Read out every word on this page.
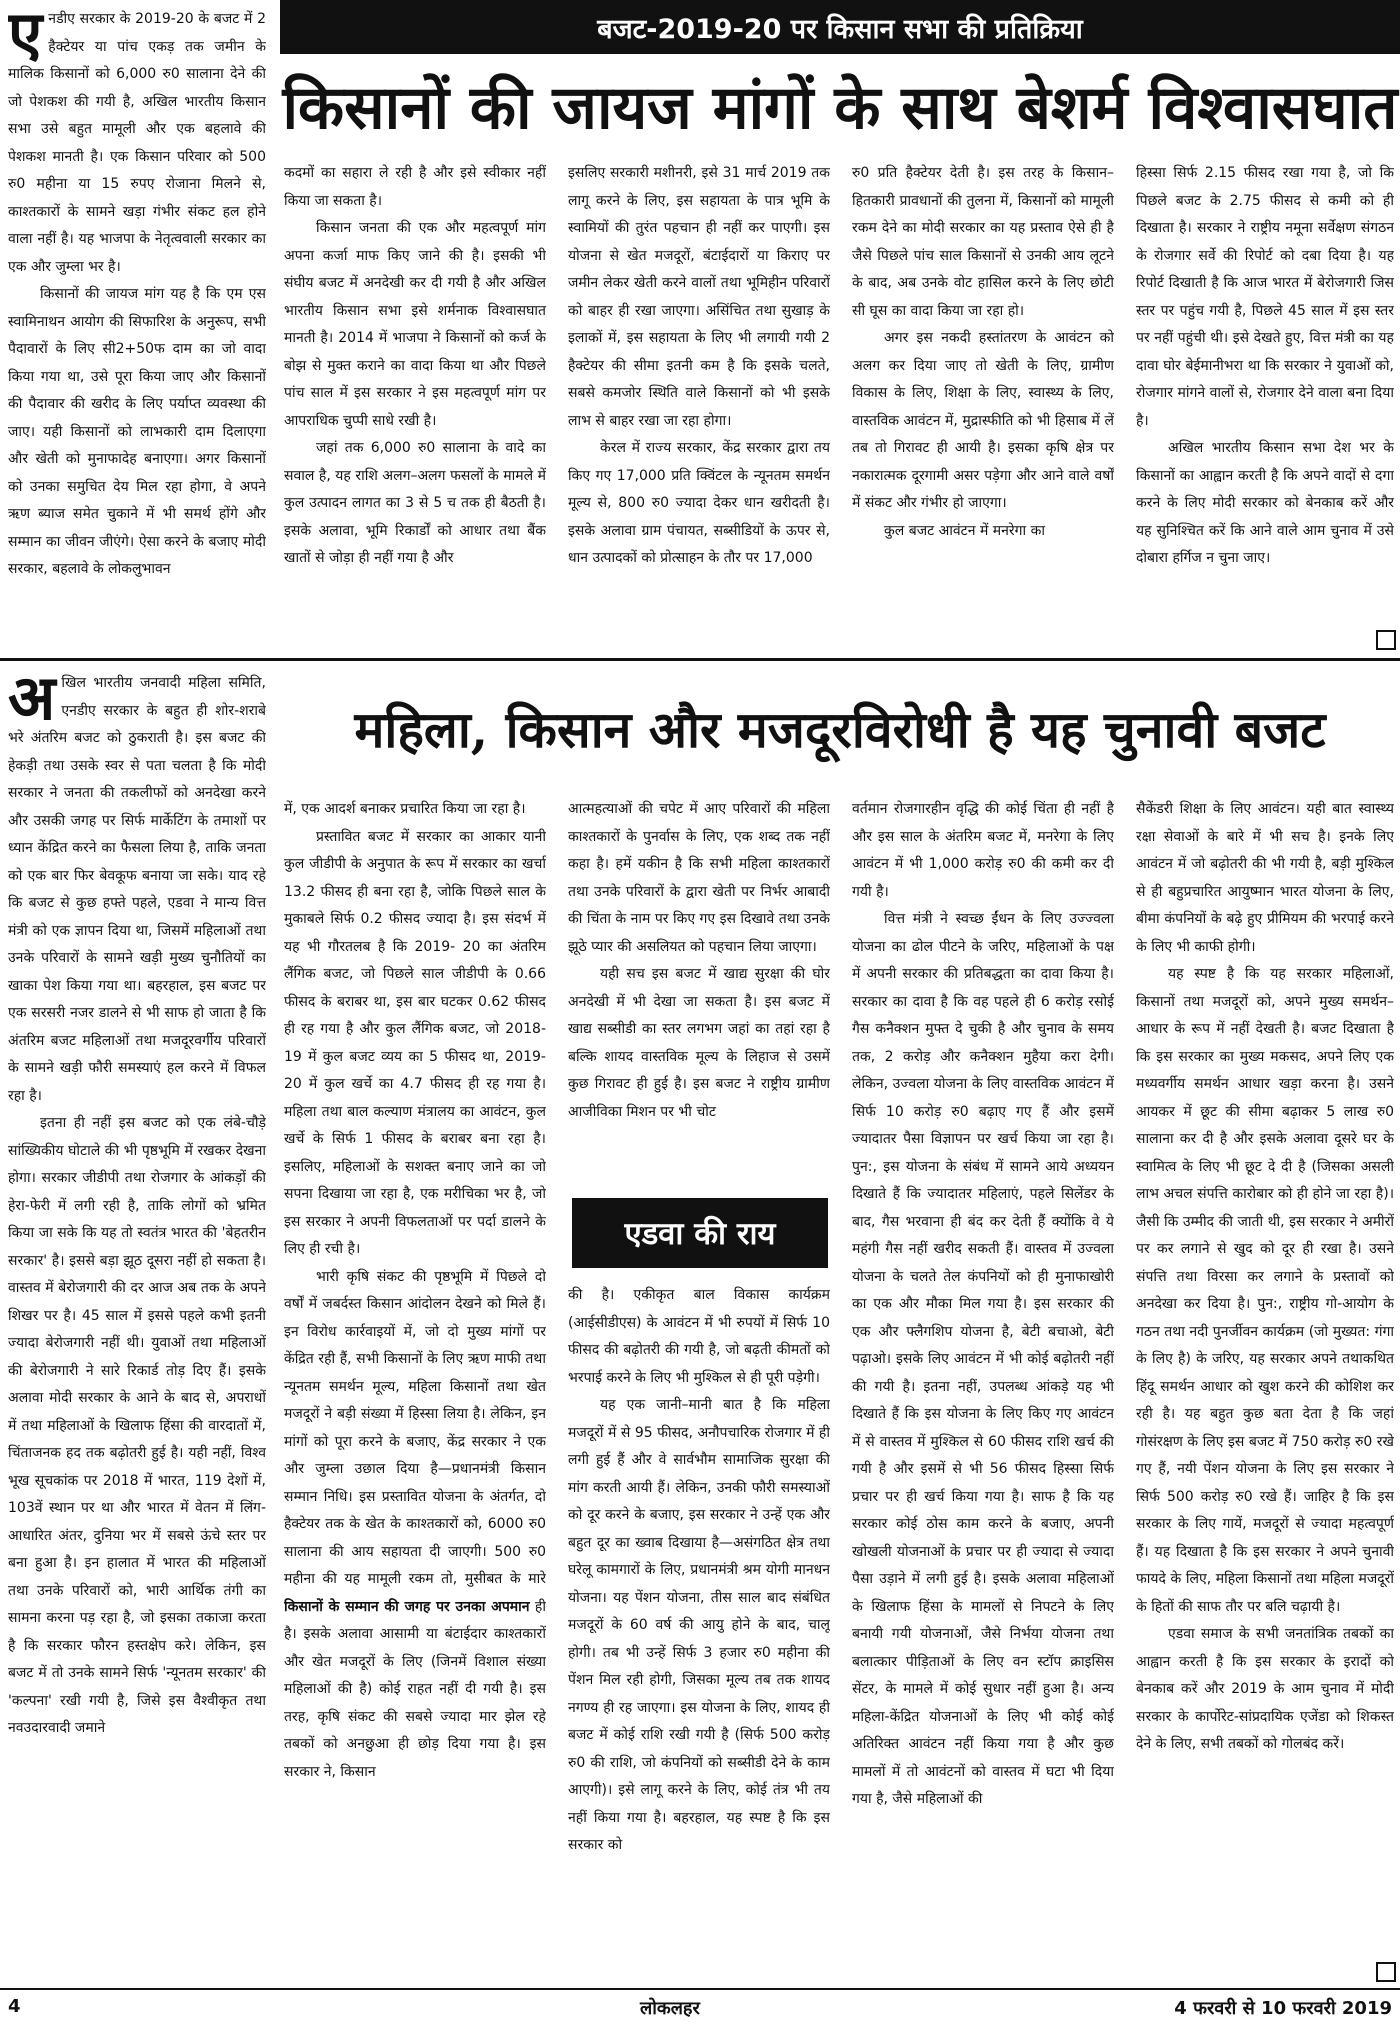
बजट-2019-20 पर किसान सभा की प्रतिक्रिया
किसानों की जायज मांगों के साथ बेशर्म विश्वासघात

एनडीए सरकार के 2019-20 के बजट में 2 हैक्टेयर या पांच एकड़ तक जमीन के मालिक किसानों को 6,000 रु0 सालाना देने की जो पेशकश की गयी है, अखिल भारतीय किसान सभा उसे बहुत मामूली और एक बहलावे की पेशकश मानती है। एक किसान परिवार को 500 रु0 महीना या 15 रुपए रोजाना मिलने से, काश्तकारों के सामने खड़ा गंभीर संकट हल होने वाला नहीं है। यह भाजपा के नेतृत्ववाली सरकार का एक और जुम्ला भर है।

किसानों की जायज मांग यह है कि एम एस स्वामिनाथन आयोग की सिफारिश के अनुरूप, सभी पैदावारों के लिए सी2+50फ दाम का जो वादा किया गया था, उसे पूरा किया जाए और किसानों की पैदावार की खरीद के लिए पर्याप्त व्यवस्था की जाए। यही किसानों को लाभकारी दाम दिलाएगा और खेती को मुनाफादेह बनाएगा। अगर किसानों को उनका समुचित देय मिल रहा होगा, वे अपने ऋण ब्याज समेत चुकाने में भी समर्थ होंगे और सम्मान का जीवन जीएंगे। ऐसा करने के बजाए मोदी सरकार, बहलावे के लोकलुभावन

कदमों का सहारा ले रही है और इसे स्वीकार नहीं किया जा सकता है।

किसान जनता की एक और महत्वपूर्ण मांग अपना कर्जा माफ किए जाने की है। इसकी भी संघीय बजट में अनदेखी कर दी गयी है और अखिल भारतीय किसान सभा इसे शर्मनाक विश्वासघात मानती है। 2014 में भाजपा ने किसानों को कर्ज के बोझ से मुक्त कराने का वादा किया था और पिछले पांच साल में इस सरकार ने इस महत्वपूर्ण मांग पर आपराधिक चुप्पी साधे रखी है।

जहां तक 6,000 रु0 सालाना के वादे का सवाल है, यह राशि अलग–अलग फसलों के मामले में कुल उत्पादन लागत का 3 से 5 च तक ही बैठती है। इसके अलावा, भूमि रिकार्डों को आधार तथा बैंक खातों से जोड़ा ही नहीं गया है और

इसलिए सरकारी मशीनरी, इसे 31 मार्च 2019 तक लागू करने के लिए, इस सहायता के पात्र भूमि के स्वामियों की तुरंत पहचान ही नहीं कर पाएगी। इस योजना से खेत मजदूरों, बंटाईदारों या किराए पर जमीन लेकर खेती करने वालों तथा भूमिहीन परिवारों को बाहर ही रखा जाएगा। असिंचित तथा सुखाड़ के इलाकों में, इस सहायता के लिए भी लगायी गयी 2 हैक्टेयर की सीमा इतनी कम है कि इसके चलते, सबसे कमजोर स्थिति वाले किसानों को भी इसके लाभ से बाहर रखा जा रहा होगा।

केरल में राज्य सरकार, केंद्र सरकार द्वारा तय किए गए 17,000 प्रति क्विंटल के न्यूनतम समर्थन मूल्य से, 800 रु0 ज्यादा देकर धान खरीदती है। इसके अलावा ग्राम पंचायत, सब्सीडियों के ऊपर से, धान उत्पादकों को प्रोत्साहन के तौर पर 17,000

रु0 प्रति हैक्टेयर देती है। इस तरह के किसान–हितकारी प्रावधानों की तुलना में, किसानों को मामूली रकम देने का मोदी सरकार का यह प्रस्ताव ऐसे ही है जैसे पिछले पांच साल किसानों से उनकी आय लूटने के बाद, अब उनके वोट हासिल करने के लिए छोटी सी घूस का वादा किया जा रहा हो।

अगर इस नकदी हस्तांतरण के आवंटन को अलग कर दिया जाए तो खेती के लिए, ग्रामीण विकास के लिए, शिक्षा के लिए, स्वास्थ्य के लिए, वास्तविक आवंटन में, मुद्रास्फीति को भी हिसाब में लें तब तो गिरावट ही आयी है। इसका कृषि क्षेत्र पर नकारात्मक दूरगामी असर पड़ेगा और आने वाले वर्षों में संकट और गंभीर हो जाएगा।

कुल बजट आवंटन में मनरेगा का

हिस्सा सिर्फ 2.15 फीसद रखा गया है, जो कि पिछले बजट के 2.75 फीसद से कमी को ही दिखाता है। सरकार ने राष्ट्रीय नमूना सर्वेक्षण संगठन के रोजगार सर्वे की रिपोर्ट को दबा दिया है। यह रिपोर्ट दिखाती है कि आज भारत में बेरोजगारी जिस स्तर पर पहुंच गयी है, पिछले 45 साल में इस स्तर पर नहीं पहुंची थी। इसे देखते हुए, वित्त मंत्री का यह दावा घोर बेईमानीभरा था कि सरकार ने युवाओं को, रोजगार मांगने वालों से, रोजगार देने वाला बना दिया है।

अखिल भारतीय किसान सभा देश भर के किसानों का आह्वान करती है कि अपने वादों से दगा करने के लिए मोदी सरकार को बेनकाब करें और यह सुनिश्चित करें कि आने वाले आम चुनाव में उसे दोबारा हर्गिज न चुना जाए।

महिला, किसान और मजदूरविरोधी है यह चुनावी बजट

अखिल भारतीय जनवादी महिला समिति, एनडीए सरकार के बहुत ही शोर-शराबे भरे अंतरिम बजट को ठुकराती है। इस बजट की हेकड़ी तथा उसके स्वर से पता चलता है कि मोदी सरकार ने जनता की तकलीफों को अनदेखा करने और उसकी जगह पर सिर्फ मार्केटिंग के तमाशों पर ध्यान केंद्रित करने का फैसला लिया है, ताकि जनता को एक बार फिर बेवकूफ बनाया जा सके। याद रहे कि बजट से कुछ हफ्ते पहले, एडवा ने मान्य वित्त मंत्री को एक ज्ञापन दिया था, जिसमें महिलाओं तथा उनके परिवारों के सामने खड़ी मुख्य चुनौतियों का खाका पेश किया गया था। बहरहाल, इस बजट पर एक सरसरी नजर डालने से भी साफ हो जाता है कि अंतरिम बजट महिलाओं तथा मजदूरवर्गीय परिवारों के सामने खड़ी फौरी समस्याएं हल करने में विफल रहा है।

इतना ही नहीं इस बजट को एक लंबे-चौड़े सांख्यिकीय घोटाले की भी पृष्ठभूमि में रखकर देखना होगा। सरकार जीडीपी तथा रोजगार के आंकड़ों की हेरा-फेरी में लगी रही है, ताकि लोगों को भ्रमित किया जा सके कि यह तो स्वतंत्र भारत की 'बेहतरीन सरकार' है। इससे बड़ा झूठ दूसरा नहीं हो सकता है। वास्तव में बेरोजगारी की दर आज अब तक के अपने शिखर पर है। 45 साल में इससे पहले कभी इतनी ज्यादा बेरोजगारी नहीं थी। युवाओं तथा महिलाओं की बेरोजगारी ने सारे रिकार्ड तोड़ दिए हैं। इसके अलावा मोदी सरकार के आने के बाद से, अपराधों में तथा महिलाओं के खिलाफ हिंसा की वारदातों में, चिंताजनक हद तक बढ़ोतरी हुई है। यही नहीं, विश्व भूख सूचकांक पर 2018 में भारत, 119 देशों में, 103वें स्थान पर था और भारत में वेतन में लिंग-आधारित अंतर, दुनिया भर में सबसे ऊंचे स्तर पर बना हुआ है। इन हालात में भारत की महिलाओं तथा उनके परिवारों को, भारी आर्थिक तंगी का सामना करना पड़ रहा है, जो इसका तकाजा करता है कि सरकार फौरन हस्तक्षेप करे। लेकिन, इस बजट में तो उनके सामने सिर्फ 'न्यूनतम सरकार' की 'कल्पना' रखी गयी है, जिसे इस वैश्वीकृत तथा नवउदारवादी जमाने

में, एक आदर्श बनाकर प्रचारित किया जा रहा है।

प्रस्तावित बजट में सरकार का आकार यानी कुल जीडीपी के अनुपात के रूप में सरकार का खर्चा 13.2 फीसद ही बना रहा है, जोकि पिछले साल के मुकाबले सिर्फ 0.2 फीसद ज्यादा है। इस संदर्भ में यह भी गौरतलब है कि 2019- 20 का अंतरिम लैंगिक बजट, जो पिछले साल जीडीपी के 0.66 फीसद के बराबर था, इस बार घटकर 0.62 फीसद ही रह गया है और कुल लैंगिक बजट, जो 2018-19 में कुल बजट व्यय का 5 फीसद था, 2019-20 में कुल खर्चे का 4.7 फीसद ही रह गया है। महिला तथा बाल कल्याण मंत्रालय का आवंटन, कुल खर्चे के सिर्फ 1 फीसद के बराबर बना रहा है। इसलिए, महिलाओं के सशक्त बनाए जाने का जो सपना दिखाया जा रहा है, एक मरीचिका भर है, जो इस सरकार ने अपनी विफलताओं पर पर्दा डालने के लिए ही रची है।

भारी कृषि संकट की पृष्ठभूमि में पिछले दो वर्षों में जबर्दस्त किसान आंदोलन देखने को मिले हैं। इन विरोध कार्रवाइयों में, जो दो मुख्य मांगों पर केंद्रित रही हैं, सभी किसानों के लिए ऋण माफी तथा न्यूनतम समर्थन मूल्य, महिला किसानों तथा खेत मजदूरों ने बड़ी संख्या में हिस्सा लिया है। लेकिन, इन मांगों को पूरा करने के बजाए, केंद्र सरकार ने एक और जुम्ला उछाल दिया है—प्रधानमंत्री किसान सम्मान निधि। इस प्रस्तावित योजना के अंतर्गत, दो हैक्टेयर तक के खेत के काश्तकारों को, 6000 रु0 सालाना की आय सहायता दी जाएगी। 500 रु0 महीना की यह मामूली रकम तो, मुसीबत के मारे किसानों के सम्मान की जगह पर उनका अपमान ही है। इसके अलावा आसामी या बंटाईदार काश्तकारों और खेत मजदूरों के लिए (जिनमें विशाल संख्या महिलाओं की है) कोई राहत नहीं दी गयी है। इस तरह, कृषि संकट की सबसे ज्यादा मार झेल रहे तबकों को अनछुआ ही छोड़ दिया गया है। इस सरकार ने, किसान

आत्महत्याओं की चपेट में आए परिवारों की महिला काश्तकारों के पुनर्वास के लिए, एक शब्द तक नहीं कहा है। हमें यकीन है कि सभी महिला काश्तकारों तथा उनके परिवारों के द्वारा खेती पर निर्भर आबादी की चिंता के नाम पर किए गए इस दिखावे तथा उनके झूठे प्यार की असलियत को पहचान लिया जाएगा।

यही सच इस बजट में खाद्य सुरक्षा की घोर अनदेखी में भी देखा जा सकता है। इस बजट में खाद्य सब्सीडी का स्तर लगभग जहां का तहां रहा है बल्कि शायद वास्तविक मूल्य के लिहाज से उसमें कुछ गिरावट ही हुई है। इस बजट ने राष्ट्रीय ग्रामीण आजीविका मिशन पर भी चोट

एडवा की राय

की है। एकीकृत बाल विकास कार्यक्रम (आईसीडीएस) के आवंटन में भी रुपयों में सिर्फ 10 फीसद की बढ़ोतरी की गयी है, जो बढ़ती कीमतों को भरपाई करने के लिए भी मुश्किल से ही पूरी पड़ेगी।

यह एक जानी–मानी बात है कि महिला मजदूरों में से 95 फीसद, अनौपचारिक रोजगार में ही लगी हुई हैं और वे सार्वभौम सामाजिक सुरक्षा की मांग करती आयी हैं। लेकिन, उनकी फौरी समस्याओं को दूर करने के बजाए, इस सरकार ने उन्हें एक और बहुत दूर का ख्वाब दिखाया है—असंगठित क्षेत्र तथा घरेलू कामगारों के लिए, प्रधानमंत्री श्रम योगी मानधन योजना। यह पेंशन योजना, तीस साल बाद संबंधित मजदूरों के 60 वर्ष की आयु होने के बाद, चालू होगी। तब भी उन्हें सिर्फ 3 हजार रु0 महीना की पेंशन मिल रही होगी, जिसका मूल्य तब तक शायद नगण्य ही रह जाएगा। इस योजना के लिए, शायद ही बजट में कोई राशि रखी गयी है (सिर्फ 500 करोड़ रु0 की राशि, जो कंपनियों को सब्सीडी देने के काम आएगी)। इसे लागू करने के लिए, कोई तंत्र भी तय नहीं किया गया है। बहरहाल, यह स्पष्ट है कि इस सरकार को

वर्तमान रोजगारहीन वृद्धि की कोई चिंता ही नहीं है और इस साल के अंतरिम बजट में, मनरेगा के लिए आवंटन में भी 1,000 करोड़ रु0 की कमी कर दी गयी है।

वित्त मंत्री ने स्वच्छ ईंधन के लिए उज्ज्वला योजना का ढोल पीटने के जरिए, महिलाओं के पक्ष में अपनी सरकार की प्रतिबद्धता का दावा किया है। सरकार का दावा है कि वह पहले ही 6 करोड़ रसोई गैस कनैक्शन मुफ्त दे चुकी है और चुनाव के समय तक, 2 करोड़ और कनैक्शन मुहैया करा देगी। लेकिन, उज्वला योजना के लिए वास्तविक आवंटन में सिर्फ 10 करोड़ रु0 बढ़ाए गए हैं और इसमें ज्यादातर पैसा विज्ञापन पर खर्च किया जा रहा है। पुन:, इस योजना के संबंध में सामने आये अध्ययन दिखाते हैं कि ज्यादातर महिलाएं, पहले सिलेंडर के बाद, गैस भरवाना ही बंद कर देती हैं क्योंकि वे ये महंगी गैस नहीं खरीद सकती हैं। वास्तव में उज्वला योजना के चलते तेल कंपनियों को ही मुनाफाखोरी का एक और मौका मिल गया है। इस सरकार की एक और फ्लैगशिप योजना है, बेटी बचाओ, बेटी पढ़ाओ। इसके लिए आवंटन में भी कोई बढ़ोतरी नहीं की गयी है। इतना नहीं, उपलब्ध आंकड़े यह भी दिखाते हैं कि इस योजना के लिए किए गए आवंटन में से वास्तव में मुश्किल से 60 फीसद राशि खर्च की गयी है और इसमें से भी 56 फीसद हिस्सा सिर्फ प्रचार पर ही खर्च किया गया है। साफ है कि यह सरकार कोई ठोस काम करने के बजाए, अपनी खोखली योजनाओं के प्रचार पर ही ज्यादा से ज्यादा पैसा उड़ाने में लगी हुई है। इसके अलावा महिलाओं के खिलाफ हिंसा के मामलों से निपटने के लिए बनायी गयी योजनाओं, जैसे निर्भया योजना तथा बलात्कार पीड़िताओं के लिए वन स्टॉप क्राइसिस सेंटर, के मामले में कोई सुधार नहीं हुआ है। अन्य महिला-केंद्रित योजनाओं के लिए भी कोई कोई अतिरिक्त आवंटन नहीं किया गया है और कुछ मामलों में तो आवंटनों को वास्तव में घटा भी दिया गया है, जैसे महिलाओं की

सैकेंडरी शिक्षा के लिए आवंटन। यही बात स्वास्थ्य रक्षा सेवाओं के बारे में भी सच है। इनके लिए आवंटन में जो बढ़ोतरी की भी गयी है, बड़ी मुश्किल से ही बहुप्रचारित आयुष्मान भारत योजना के लिए, बीमा कंपनियों के बढ़े हुए प्रीमियम की भरपाई करने के लिए भी काफी होगी।

यह स्पष्ट है कि यह सरकार महिलाओं, किसानों तथा मजदूरों को, अपने मुख्य समर्थन–आधार के रूप में नहीं देखती है। बजट दिखाता है कि इस सरकार का मुख्य मकसद, अपने लिए एक मध्यवर्गीय समर्थन आधार खड़ा करना है। उसने आयकर में छूट की सीमा बढ़ाकर 5 लाख रु0 सालाना कर दी है और इसके अलावा दूसरे घर के स्वामित्व के लिए भी छूट दे दी है (जिसका असली लाभ अचल संपत्ति कारोबार को ही होने जा रहा है)। जैसी कि उम्मीद की जाती थी, इस सरकार ने अमीरों पर कर लगाने से खुद को दूर ही रखा है। उसने संपत्ति तथा विरसा कर लगाने के प्रस्तावों को अनदेखा कर दिया है। पुन:, राष्ट्रीय गो-आयोग के गठन तथा नदी पुनर्जीवन कार्यक्रम (जो मुख्यत: गंगा के लिए है) के जरिए, यह सरकार अपने तथाकथित हिंदू समर्थन आधार को खुश करने की कोशिश कर रही है। यह बहुत कुछ बता देता है कि जहां गोसंरक्षण के लिए इस बजट में 750 करोड़ रु0 रखे गए हैं, नयी पेंशन योजना के लिए इस सरकार ने सिर्फ 500 करोड़ रु0 रखे हैं। जाहिर है कि इस सरकार के लिए गायें, मजदूरों से ज्यादा महत्वपूर्ण हैं। यह दिखाता है कि इस सरकार ने अपने चुनावी फायदे के लिए, महिला किसानों तथा महिला मजदूरों के हितों की साफ तौर पर बलि चढ़ायी है।

एडवा समाज के सभी जनतांत्रिक तबकों का आह्वान करती है कि इस सरकार के इरादों को बेनकाब करें और 2019 के आम चुनाव में मोदी सरकार के कार्पोरेट-सांप्रदायिक एजेंडा को शिकस्त देने के लिए, सभी तबकों को गोलबंद करें।

4	लोकलहर	4 फरवरी से 10 फरवरी 2019
